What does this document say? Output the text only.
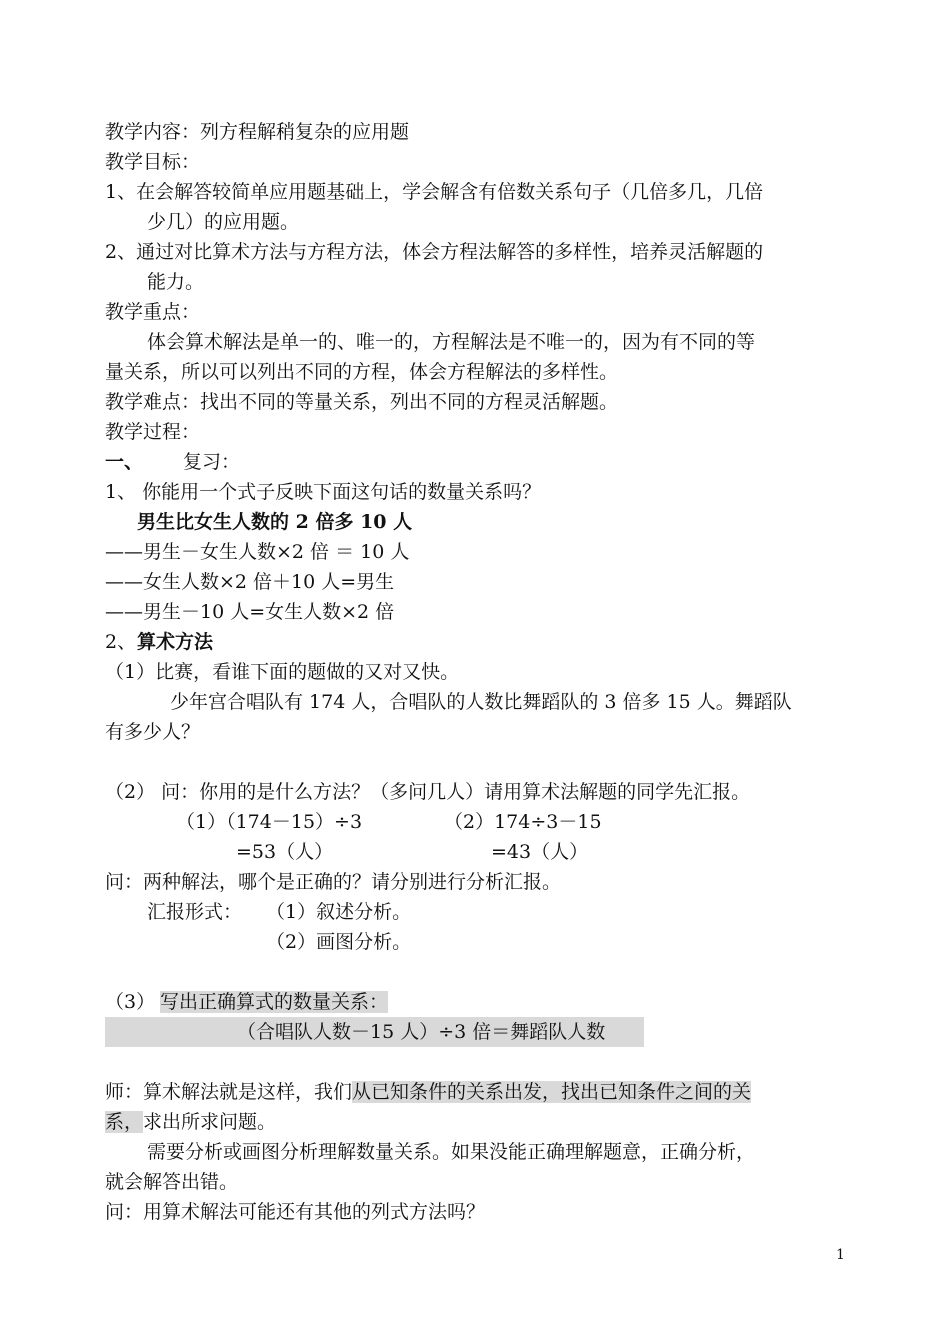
教学内容：列方程解稍复杂的应用题
教学目标：
1、在会解答较简单应用题基础上，学会解含有倍数关系句子（几倍多几，几倍
少几）的应用题。
2、通过对比算术方法与方程方法，体会方程法解答的多样性，培养灵活解题的
能力。
教学重点：
体会算术解法是单一的、唯一的，方程解法是不唯一的，因为有不同的等
量关系，所以可以列出不同的方程，体会方程解法的多样性。
教学难点：找出不同的等量关系，列出不同的方程灵活解题。
教学过程：
一、	复习：
1、 你能用一个式子反映下面这句话的数量关系吗？
男生比女生人数的 2 倍多 10 人
——男生－女生人数×2 倍 ＝ 10 人
——女生人数×2 倍＋10 人=男生
——男生－10 人=女生人数×2 倍
2、 算术方法
（1）比赛，看谁下面的题做的又对又快。
少年宫合唱队有 174 人，合唱队的人数比舞蹈队的 3 倍多 15 人。舞蹈队
有多少人？
（2） 问：你用的是什么方法？（多问几人）请用算术法解题的同学先汇报。
（1）（174－15）÷3	（2）174÷3－15
=53（人）	=43（人）
问：两种解法，哪个是正确的？请分别进行分析汇报。
汇报形式：	（1）叙述分析。
（2）画图分析。
（3） 写出正确算式的数量关系：
（合唱队人数－15 人）÷3 倍＝舞蹈队人数
师：算术解法就是这样，我们从已知条件的关系出发，找出已知条件之间的关
系，求出所求问题。
需要分析或画图分析理解数量关系。如果没能正确理解题意，正确分析，
就会解答出错。
问：用算术解法可能还有其他的列式方法吗？
1
